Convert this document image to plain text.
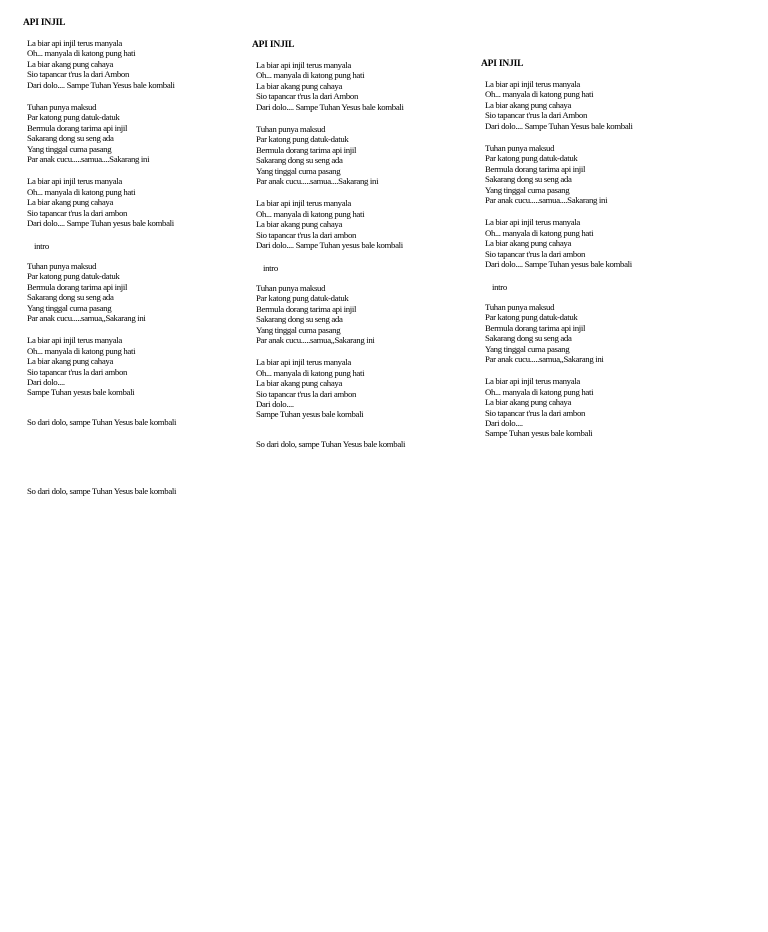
API INJIL
La biar api injil terus manyala
Oh... manyala di katong pung hati
La biar akang pung cahaya
Sio tapancar t'rus la dari Ambon
Dari dolo.... Sampe Tuhan Yesus bale kombali
Tuhan punya maksud
Par katong pung datuk-datuk
Bermula dorang tarima api injil
Sakarang dong su seng ada
Yang tinggal cuma pasang
Par anak cucu.....samua....Sakarang ini
La biar api injil terus manyala
Oh... manyala di katong pung hati
La biar akang pung cahaya
Sio tapancar t'rus la dari ambon
Dari dolo.... Sampe Tuhan yesus bale kombali
intro
Tuhan punya maksud
Par katong pung datuk-datuk
Bermula dorang tarima api injil
Sakarang dong su seng ada
Yang tinggal cuma pasang
Par anak cucu.....samua,,Sakarang ini
La biar api injil terus manyala
Oh... manyala di katong pung hati
La biar akang pung cahaya
Sio tapancar t'rus la dari ambon
Dari dolo....
Sampe Tuhan yesus bale kombali
So dari dolo, sampe Tuhan Yesus bale kombali
So dari dolo, sampe Tuhan Yesus bale kombali
API INJIL
La biar api injil terus manyala
Oh... manyala di katong pung hati
La biar akang pung cahaya
Sio tapancar t'rus la dari Ambon
Dari dolo.... Sampe Tuhan Yesus bale kombali
Tuhan punya maksud
Par katong pung datuk-datuk
Bermula dorang tarima api injil
Sakarang dong su seng ada
Yang tinggal cuma pasang
Par anak cucu.....samua....Sakarang ini
La biar api injil terus manyala
Oh... manyala di katong pung hati
La biar akang pung cahaya
Sio tapancar t'rus la dari ambon
Dari dolo.... Sampe Tuhan yesus bale kombali
intro
Tuhan punya maksud
Par katong pung datuk-datuk
Bermula dorang tarima api injil
Sakarang dong su seng ada
Yang tinggal cuma pasang
Par anak cucu.....samua,,Sakarang ini
La biar api injil terus manyala
Oh... manyala di katong pung hati
La biar akang pung cahaya
Sio tapancar t'rus la dari ambon
Dari dolo....
Sampe Tuhan yesus bale kombali
So dari dolo, sampe Tuhan Yesus bale kombali
API INJIL
La biar api injil terus manyala
Oh... manyala di katong pung hati
La biar akang pung cahaya
Sio tapancar t'rus la dari Ambon
Dari dolo.... Sampe Tuhan Yesus bale kombali
Tuhan punya maksud
Par katong pung datuk-datuk
Bermula dorang tarima api injil
Sakarang dong su seng ada
Yang tinggal cuma pasang
Par anak cucu.....samua....Sakarang ini
La biar api injil terus manyala
Oh... manyala di katong pung hati
La biar akang pung cahaya
Sio tapancar t'rus la dari ambon
Dari dolo.... Sampe Tuhan yesus bale kombali
intro
Tuhan punya maksud
Par katong pung datuk-datuk
Bermula dorang tarima api injil
Sakarang dong su seng ada
Yang tinggal cuma pasang
Par anak cucu.....samua,,Sakarang ini
La biar api injil terus manyala
Oh... manyala di katong pung hati
La biar akang pung cahaya
Sio tapancar t'rus la dari ambon
Dari dolo....
Sampe Tuhan yesus bale kombali
